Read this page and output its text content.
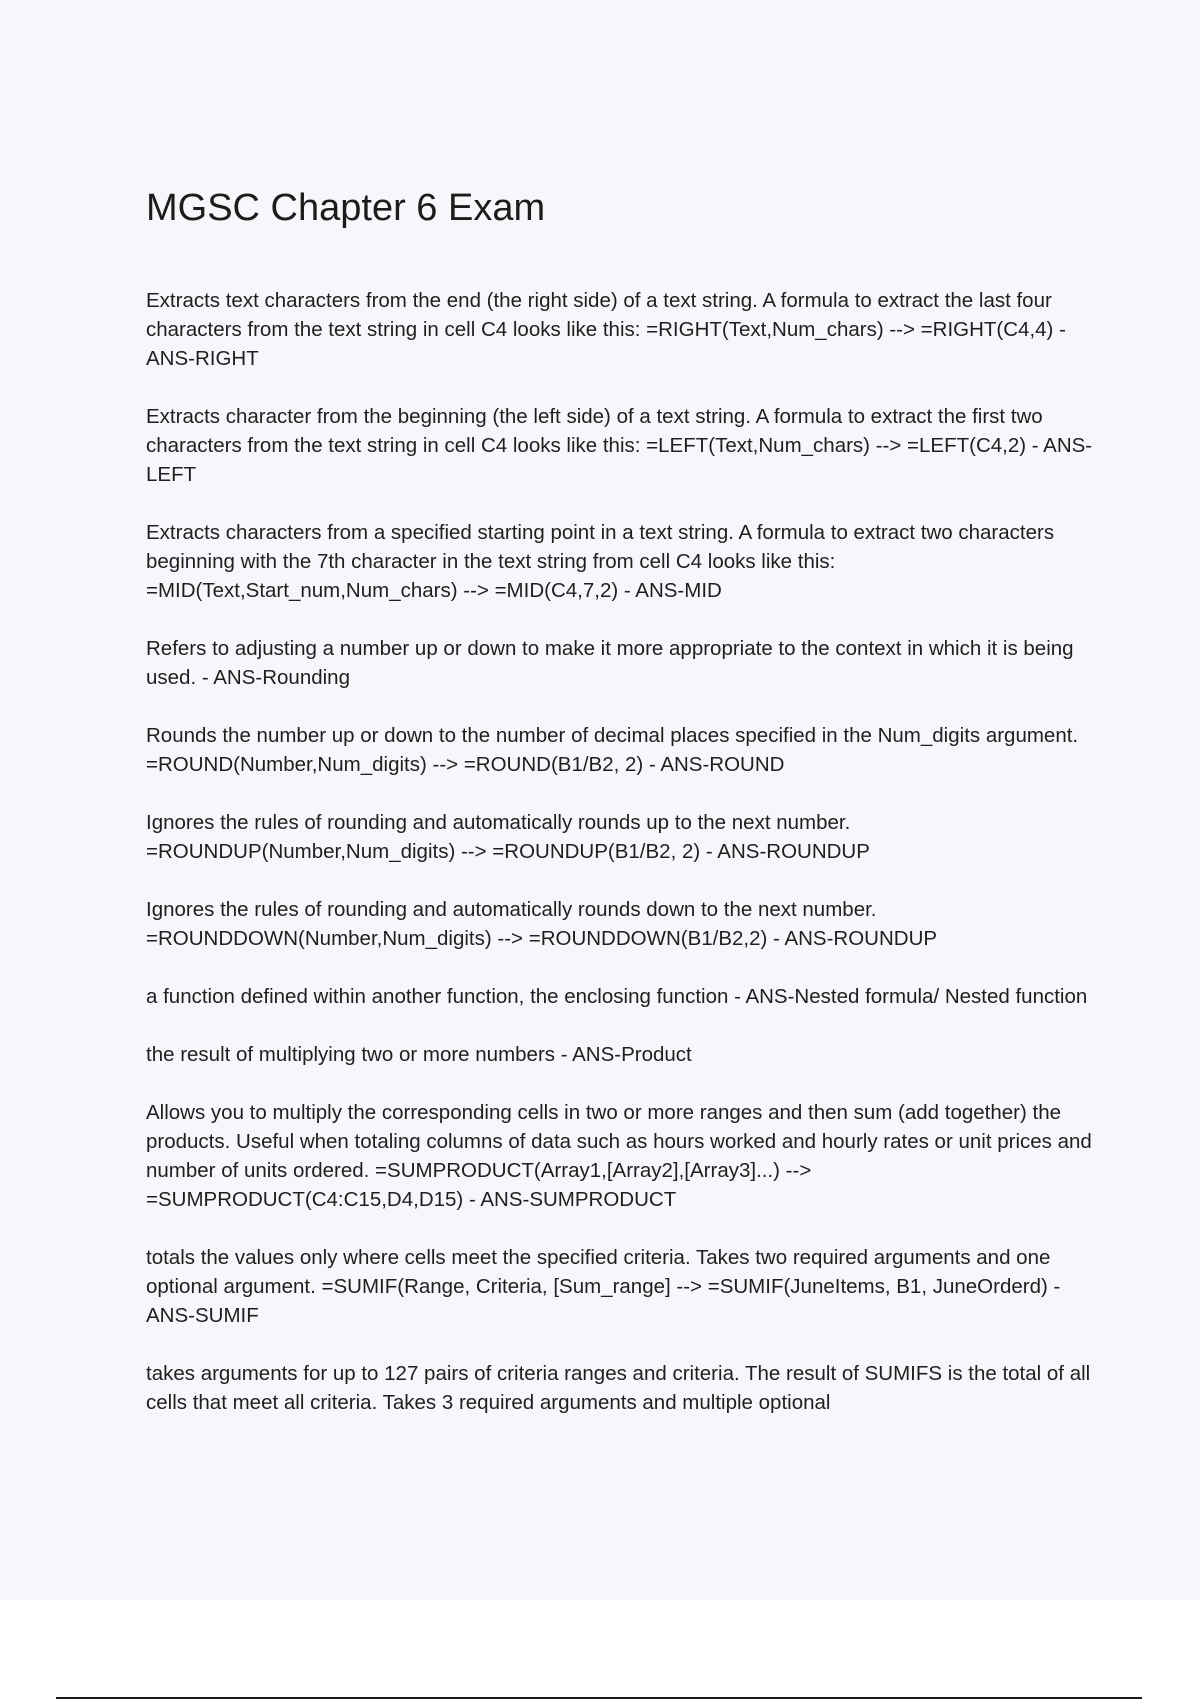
MGSC Chapter 6 Exam

Extracts text characters from the end (the right side) of a text string. A formula to extract the last four characters from the text string in cell C4 looks like this: =RIGHT(Text,Num_chars) --> =RIGHT(C4,4) - ANS-RIGHT

Extracts character from the beginning (the left side) of a text string. A formula to extract the first two characters from the text string in cell C4 looks like this: =LEFT(Text,Num_chars) --> =LEFT(C4,2) - ANS-LEFT

Extracts characters from a specified starting point in a text string. A formula to extract two characters beginning with the 7th character in the text string from cell C4 looks like this: =MID(Text,Start_num,Num_chars) --> =MID(C4,7,2) - ANS-MID

Refers to adjusting a number up or down to make it more appropriate to the context in which it is being used. - ANS-Rounding

Rounds the number up or down to the number of decimal places specified in the Num_digits argument. =ROUND(Number,Num_digits) --> =ROUND(B1/B2, 2) - ANS-ROUND

Ignores the rules of rounding and automatically rounds up to the next number. =ROUNDUP(Number,Num_digits) --> =ROUNDUP(B1/B2, 2) - ANS-ROUNDUP

Ignores the rules of rounding and automatically rounds down to the next number. =ROUNDDOWN(Number,Num_digits) --> =ROUNDDOWN(B1/B2,2) - ANS-ROUNDUP

a function defined within another function, the enclosing function - ANS-Nested formula/ Nested function

the result of multiplying two or more numbers - ANS-Product

Allows you to multiply the corresponding cells in two or more ranges and then sum (add together) the products. Useful when totaling columns of data such as hours worked and hourly rates or unit prices and number of units ordered. =SUMPRODUCT(Array1,[Array2],[Array3]...) --> =SUMPRODUCT(C4:C15,D4,D15) - ANS-SUMPRODUCT

totals the values only where cells meet the specified criteria. Takes two required arguments and one optional argument. =SUMIF(Range, Criteria, [Sum_range] --> =SUMIF(JuneItems, B1, JuneOrderd) - ANS-SUMIF

takes arguments for up to 127 pairs of criteria ranges and criteria. The result of SUMIFS is the total of all cells that meet all criteria. Takes 3 required arguments and multiple optional
